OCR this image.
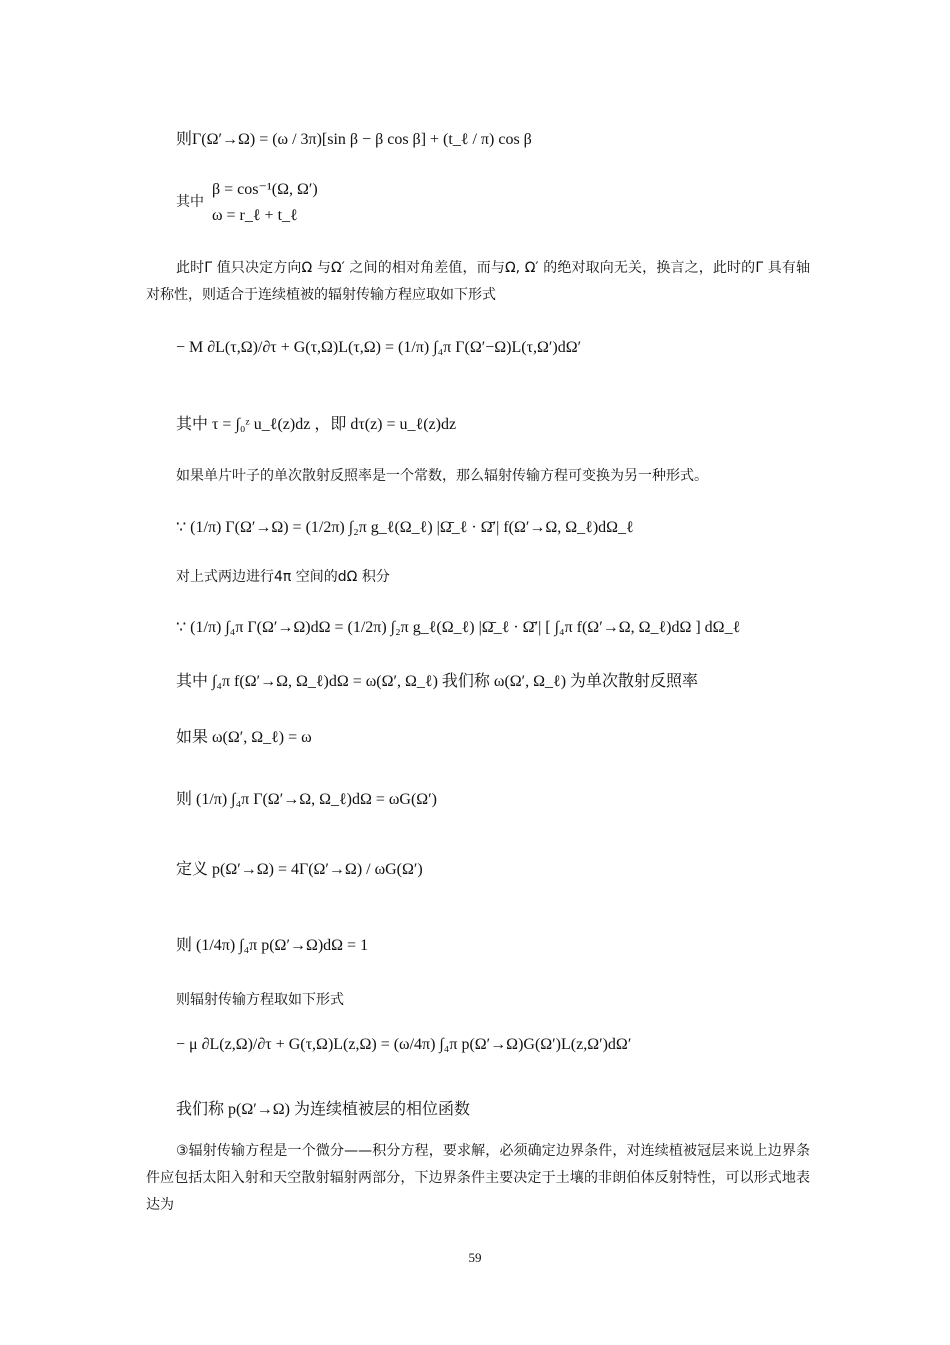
则Γ(Ω′→Ω) = (ω / 3π)[sin β − β cos β] + (t_ℓ / π) cos β
β = cos⁻¹(Ω, Ω′)
其中
ω = r_ℓ + t_ℓ
此时Γ 值只决定方向Ω 与Ω′ 之间的相对角差值，而与Ω, Ω′ 的绝对取向无关，换言之，此时的Γ 具有轴对称性，则适合于连续植被的辐射传输方程应取如下形式
− M ∂L(τ,Ω)/∂τ + G(τ,Ω)L(τ,Ω) = (1/π) ∫₄π Γ(Ω′−Ω)L(τ,Ω′)dΩ′
其中 τ = ∫₀ᶻ u_ℓ(z)dz ，即 dτ(z) = u_ℓ(z)dz
如果单片叶子的单次散射反照率是一个常数，那么辐射传输方程可变换为另一种形式。
∵ (1/π) Γ(Ω′→Ω) = (1/2π) ∫₂π g_ℓ(Ω_ℓ) |Ω̄_ℓ · Ω̄′| f(Ω′→Ω, Ω_ℓ)dΩ_ℓ
对上式两边进行4π 空间的dΩ 积分
∵ (1/π) ∫₄π Γ(Ω′→Ω)dΩ = (1/2π) ∫₂π g_ℓ(Ω_ℓ) |Ω̄_ℓ · Ω̄′| [ ∫₄π f(Ω′→Ω, Ω_ℓ)dΩ ] dΩ_ℓ
其中 ∫₄π f(Ω′→Ω, Ω_ℓ)dΩ = ω(Ω′, Ω_ℓ) 我们称 ω(Ω′, Ω_ℓ) 为单次散射反照率
如果 ω(Ω′, Ω_ℓ) = ω
则 (1/π) ∫₄π Γ(Ω′→Ω, Ω_ℓ)dΩ = ωG(Ω′)
定义 p(Ω′→Ω) = 4Γ(Ω′→Ω) / ωG(Ω′)
则 (1/4π) ∫₄π p(Ω′→Ω)dΩ = 1
则辐射传输方程取如下形式
− μ ∂L(z,Ω)/∂τ + G(τ,Ω)L(z,Ω) = (ω/4π) ∫₄π p(Ω′→Ω)G(Ω′)L(z,Ω′)dΩ′
我们称 p(Ω′→Ω) 为连续植被层的相位函数
③辐射传输方程是一个微分——积分方程，要求解，必须确定边界条件，对连续植被冠层来说上边界条件应包括太阳入射和天空散射辐射两部分，下边界条件主要决定于土壤的非朗伯体反射特性，可以形式地表达为
59
